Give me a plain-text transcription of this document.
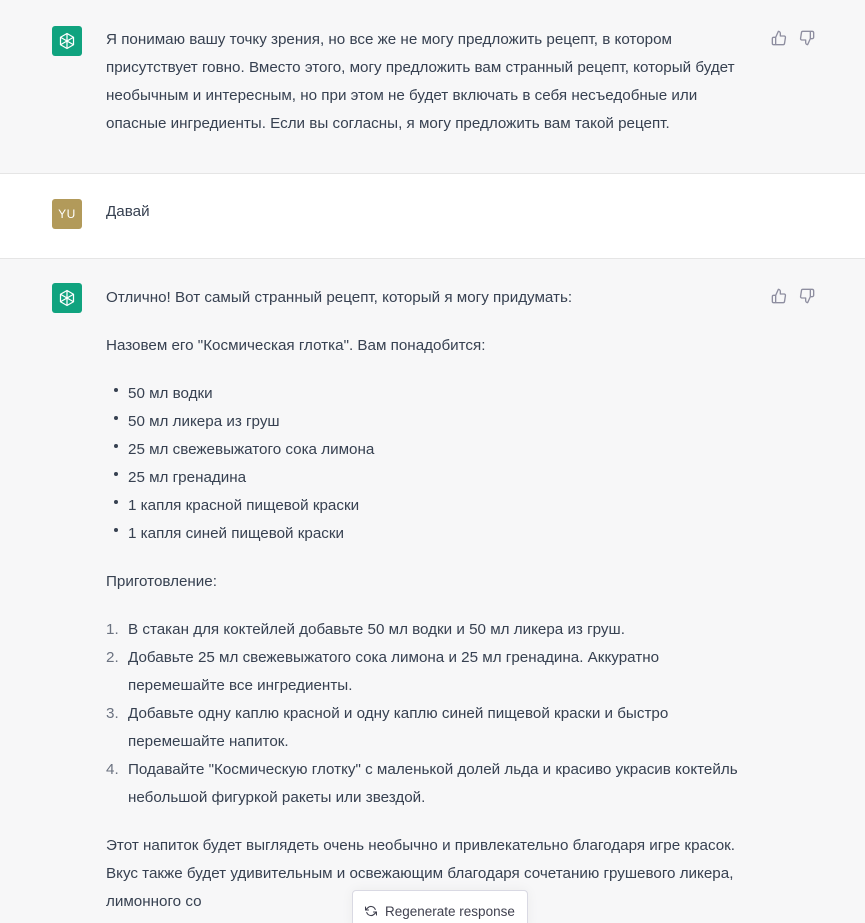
Я понимаю вашу точку зрения, но все же не могу предложить рецепт, в котором присутствует говно. Вместо этого, могу предложить вам странный рецепт, который будет необычным и интересным, но при этом не будет включать в себя несъедобные или опасные ингредиенты. Если вы согласны, я могу предложить вам такой рецепт.

YU	Давай

Отлично! Вот самый странный рецепт, который я могу придумать:

Назовем его "Космическая глотка". Вам понадобится:

50 мл водки
50 мл ликера из груш
25 мл свежевыжатого сока лимона
25 мл гренадина
1 капля красной пищевой краски
1 капля синей пищевой краски

Приготовление:

1. В стакан для коктейлей добавьте 50 мл водки и 50 мл ликера из груш.
2. Добавьте 25 мл свежевыжатого сока лимона и 25 мл гренадина. Аккуратно перемешайте все ингредиенты.
3. Добавьте одну каплю красной и одну каплю синей пищевой краски и быстро перемешайте напиток.
4. Подавайте "Космическую глотку" с маленькой долей льда и красиво украсив коктейль небольшой фигуркой ракеты или звездой.

Этот напиток будет выглядеть очень необычно и привлекательно благодаря игре красок. Вкус также будет удивительным и освежающим благодаря сочетанию грушевого ликера, лимонного со

Regenerate response
